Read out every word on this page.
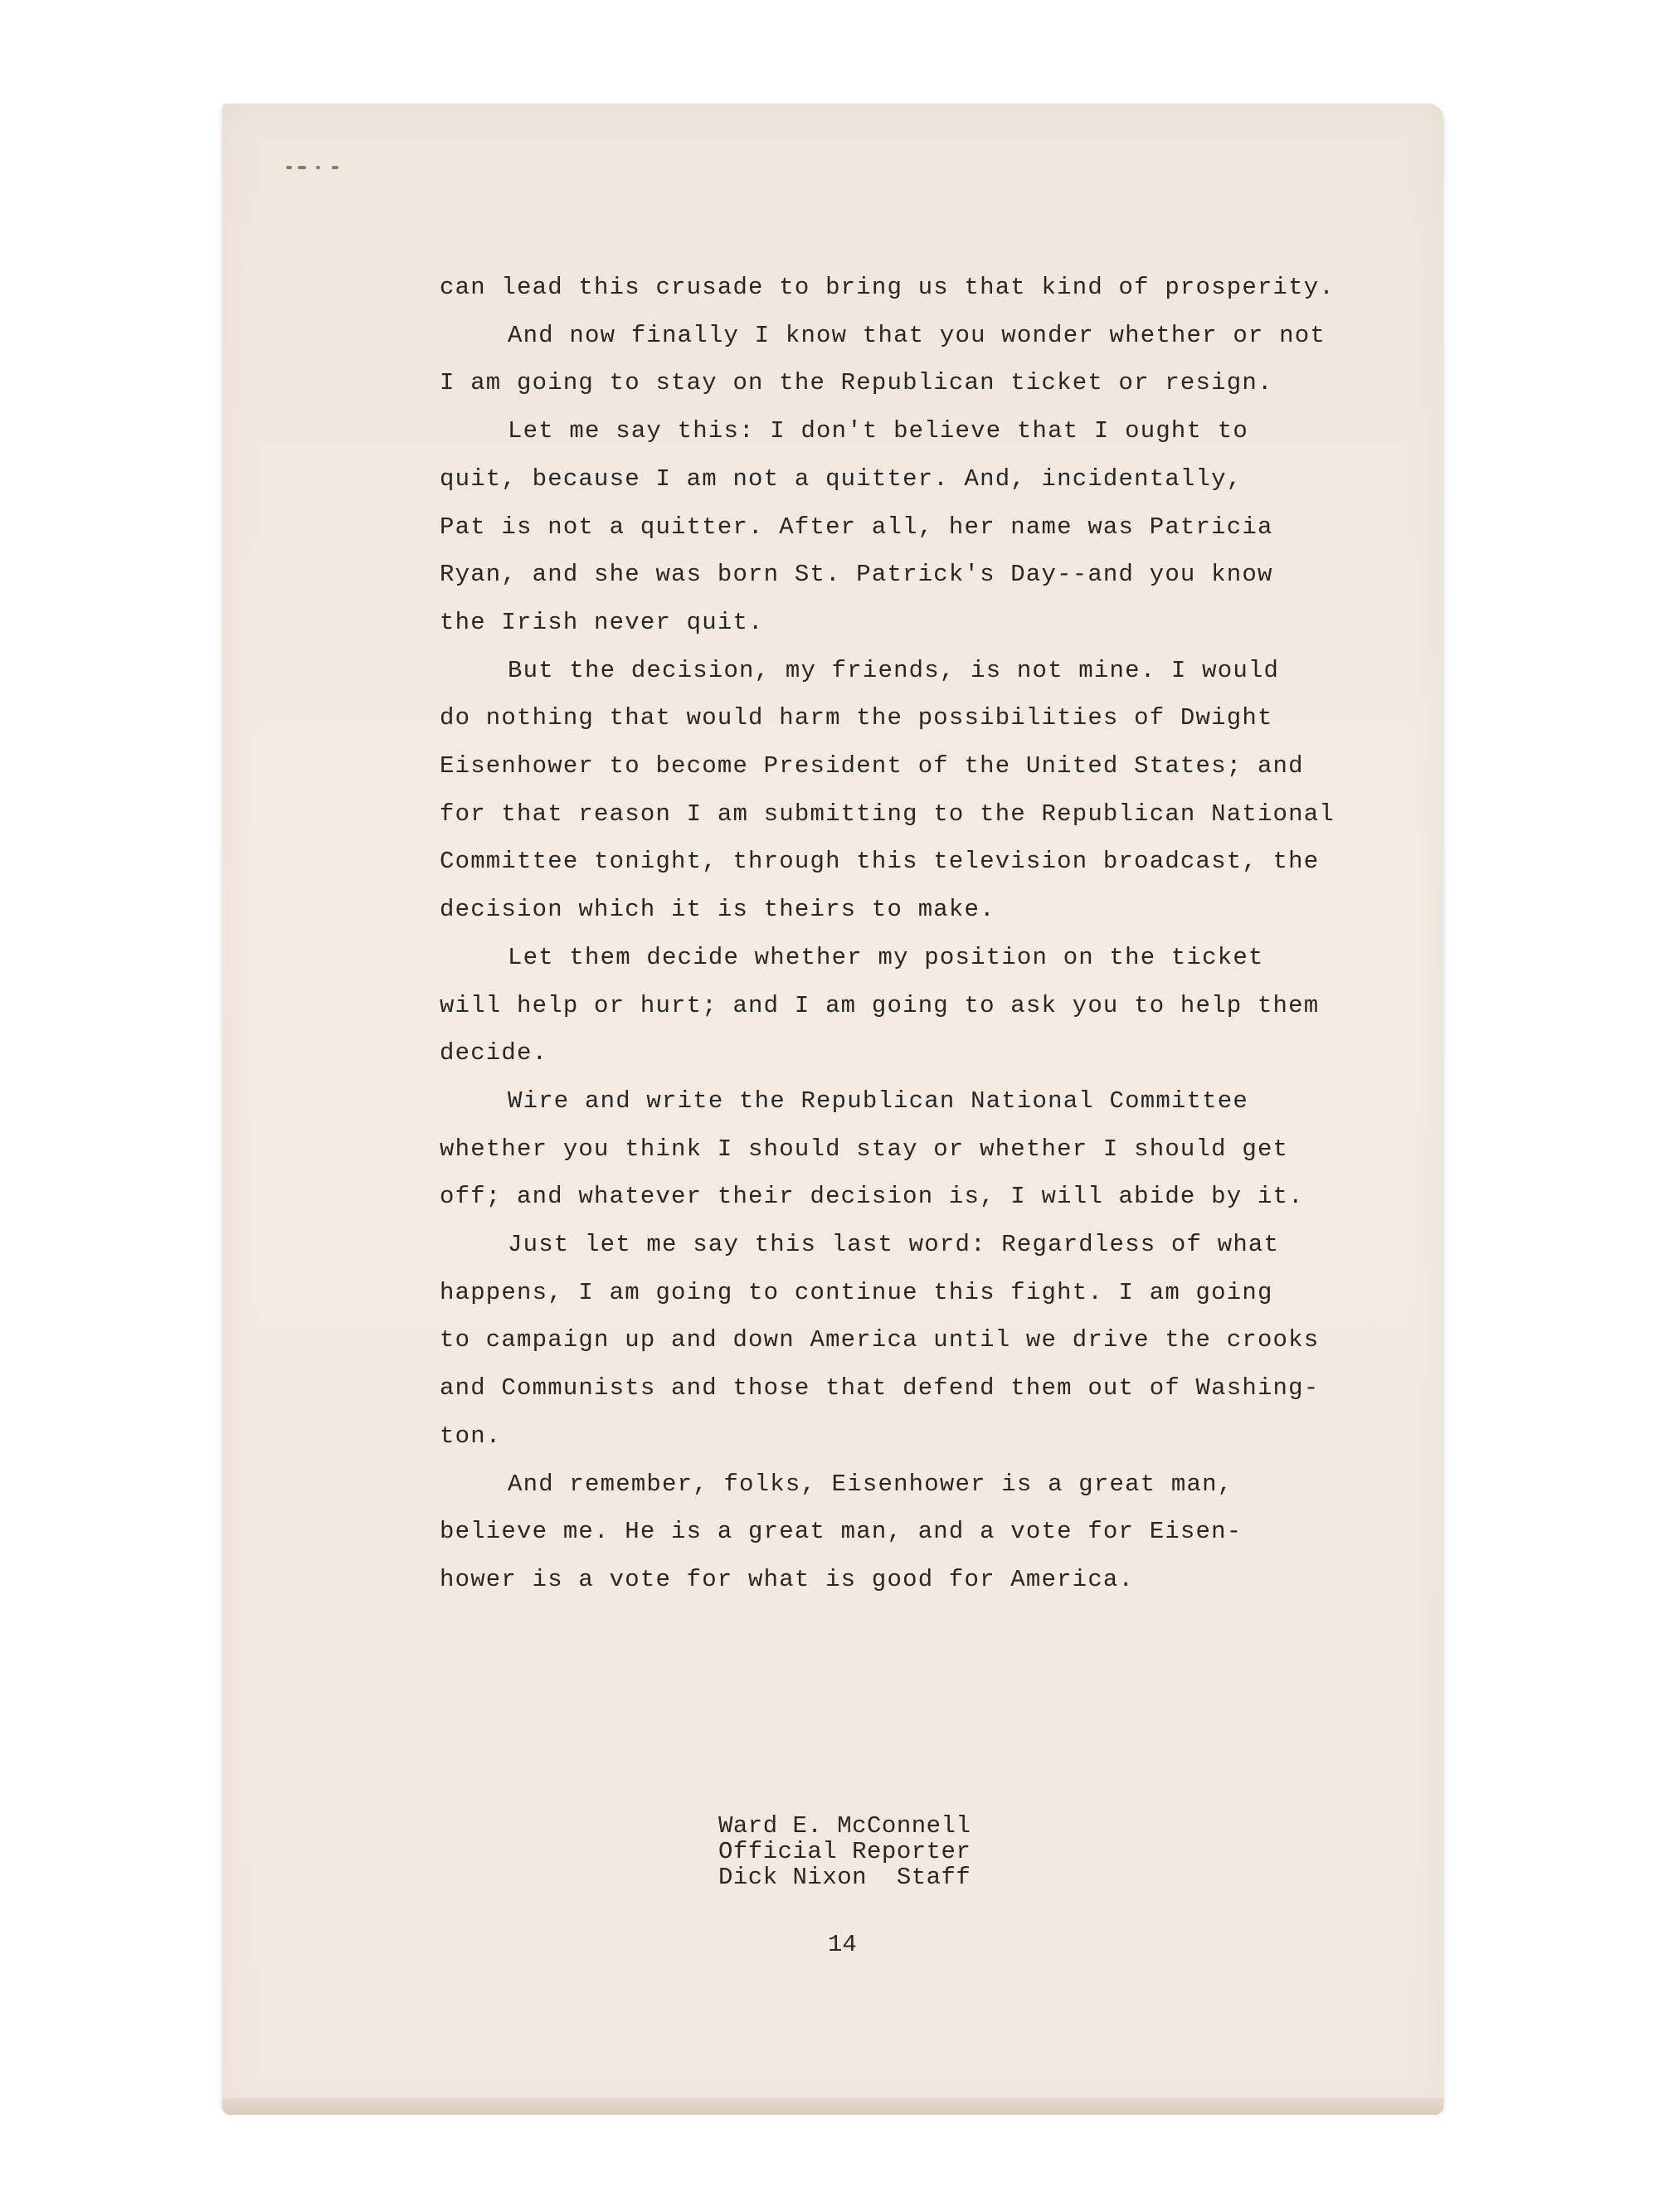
can lead this crusade to bring us that kind of prosperity.
And now finally I know that you wonder whether or not
I am going to stay on the Republican ticket or resign.
Let me say this: I don't believe that I ought to
quit, because I am not a quitter. And, incidentally,
Pat is not a quitter. After all, her name was Patricia
Ryan, and she was born St. Patrick's Day--and you know
the Irish never quit.
But the decision, my friends, is not mine. I would
do nothing that would harm the possibilities of Dwight
Eisenhower to become President of the United States; and
for that reason I am submitting to the Republican National
Committee tonight, through this television broadcast, the
decision which it is theirs to make.
Let them decide whether my position on the ticket
will help or hurt; and I am going to ask you to help them
decide.
Wire and write the Republican National Committee
whether you think I should stay or whether I should get
off; and whatever their decision is, I will abide by it.
Just let me say this last word: Regardless of what
happens, I am going to continue this fight. I am going
to campaign up and down America until we drive the crooks
and Communists and those that defend them out of Washing-
ton.
And remember, folks, Eisenhower is a great man,
believe me. He is a great man, and a vote for Eisen-
hower is a vote for what is good for America.
Ward E. McConnell
Official Reporter
Dick Nixon  Staff
14
